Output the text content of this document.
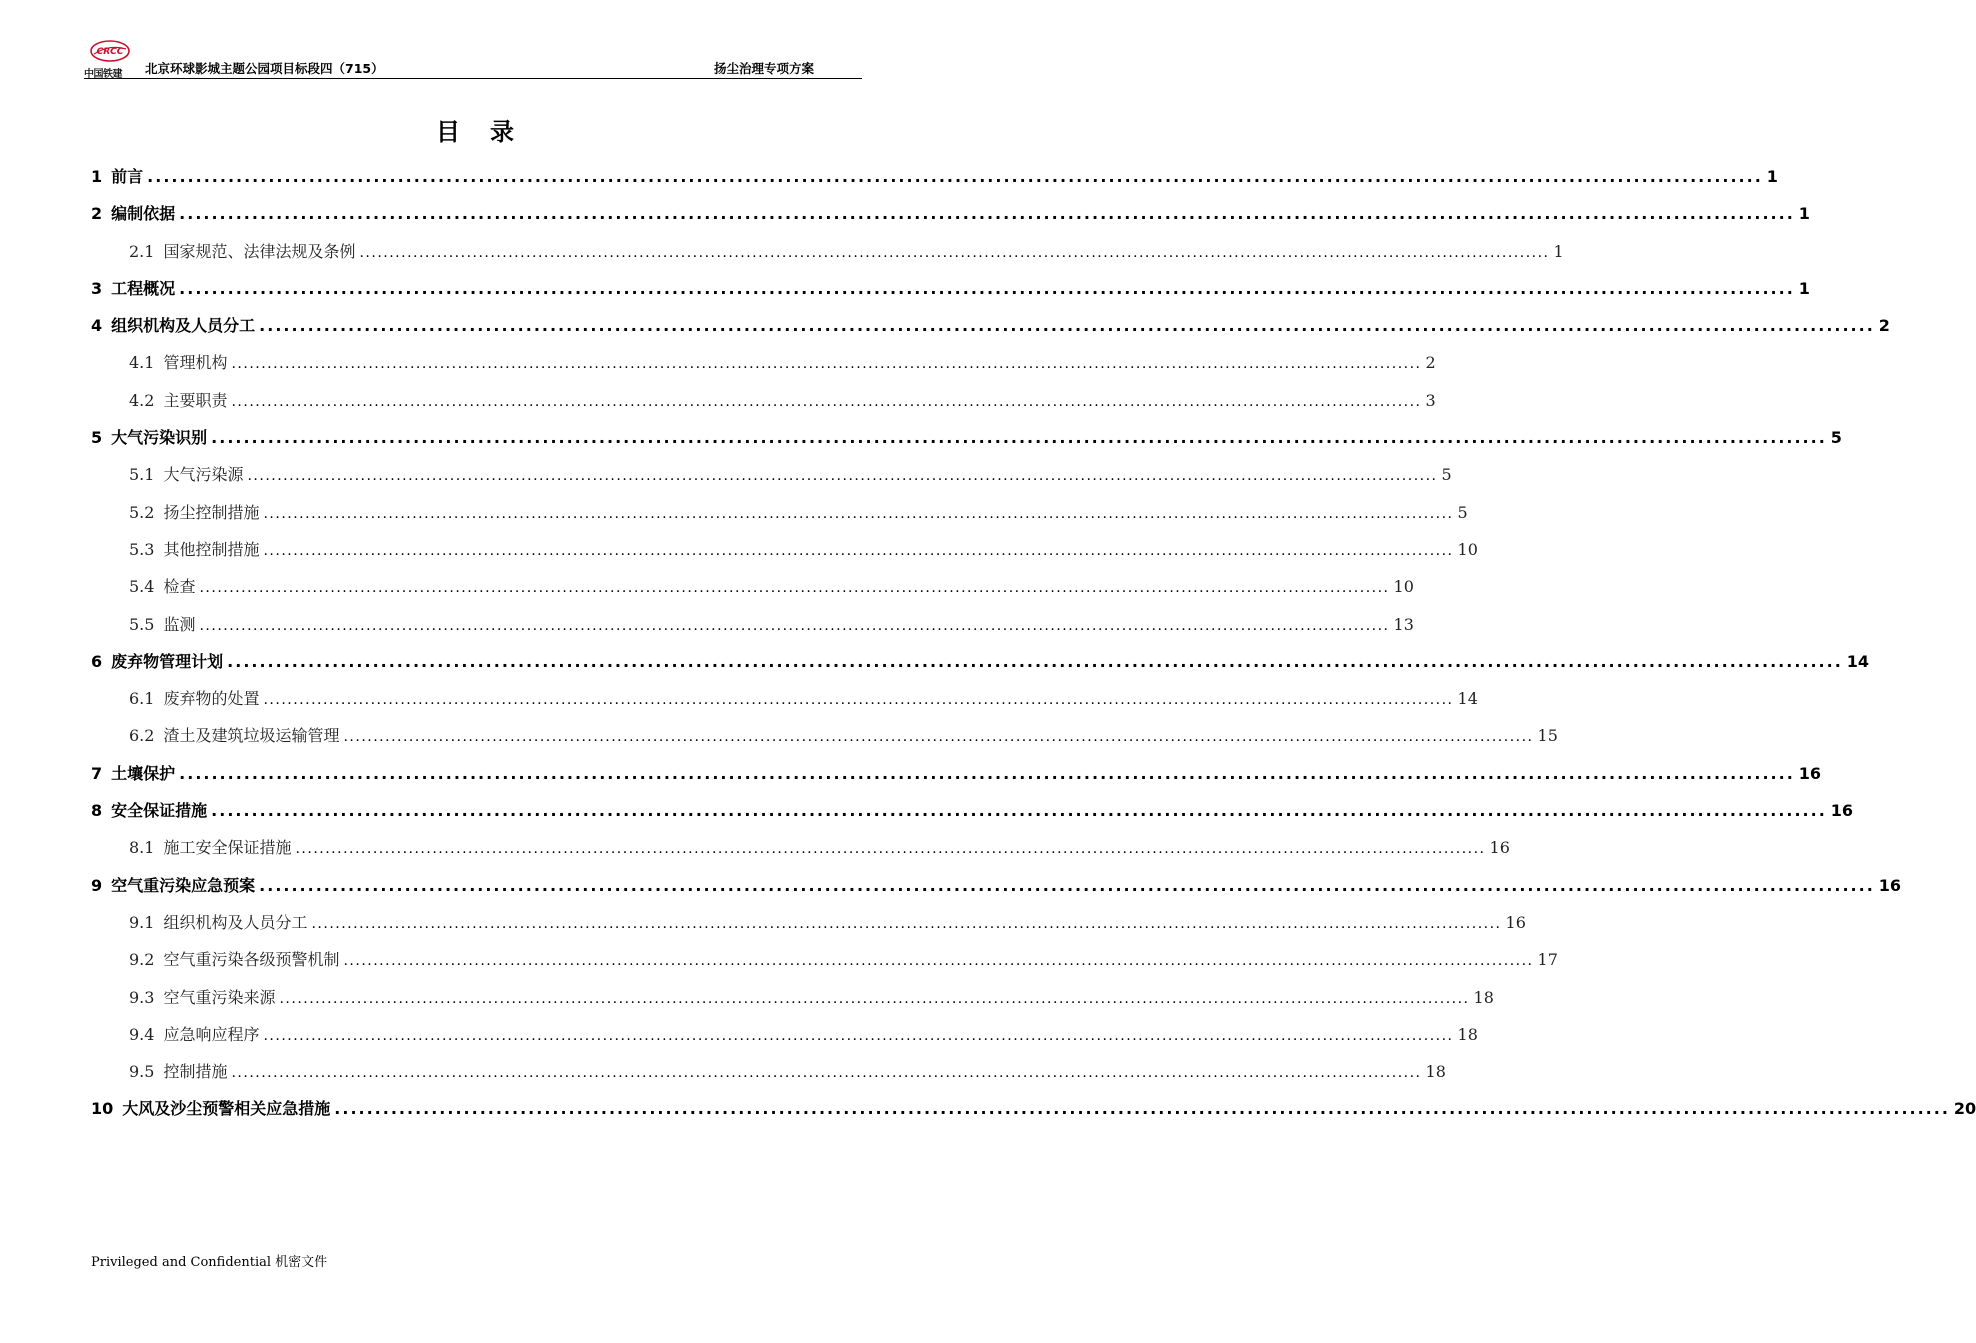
CRCC
中国铁建	北京环球影城主题公园项目标段四（715）	扬尘治理专项方案
目录
1 前言 ........................................................................................................................................................................................................ 1
2 编制依据 ........................................................................................................................................................................................................ 1
2.1 国家规范、法律法规及条例 ........................................................................................................................................................................................................ 1
3 工程概况 ........................................................................................................................................................................................................ 1
4 组织机构及人员分工 ........................................................................................................................................................................................................ 2
4.1 管理机构 ........................................................................................................................................................................................................ 2
4.2 主要职责 ........................................................................................................................................................................................................ 3
5 大气污染识别 ........................................................................................................................................................................................................ 5
5.1 大气污染源 ........................................................................................................................................................................................................ 5
5.2 扬尘控制措施 ........................................................................................................................................................................................................ 5
5.3 其他控制措施 ........................................................................................................................................................................................................ 10
5.4 检查 ........................................................................................................................................................................................................ 10
5.5 监测 ........................................................................................................................................................................................................ 13
6 废弃物管理计划 ........................................................................................................................................................................................................ 14
6.1 废弃物的处置 ........................................................................................................................................................................................................ 14
6.2 渣土及建筑垃圾运输管理 ........................................................................................................................................................................................................ 15
7 土壤保护 ........................................................................................................................................................................................................ 16
8 安全保证措施 ........................................................................................................................................................................................................ 16
8.1 施工安全保证措施 ........................................................................................................................................................................................................ 16
9 空气重污染应急预案 ........................................................................................................................................................................................................ 16
9.1 组织机构及人员分工 ........................................................................................................................................................................................................ 16
9.2 空气重污染各级预警机制 ........................................................................................................................................................................................................ 17
9.3 空气重污染来源 ........................................................................................................................................................................................................ 18
9.4 应急响应程序 ........................................................................................................................................................................................................ 18
9.5 控制措施 ........................................................................................................................................................................................................ 18
10 大风及沙尘预警相关应急措施 ........................................................................................................................................................................................................ 20
Privileged and Confidential 机密文件
